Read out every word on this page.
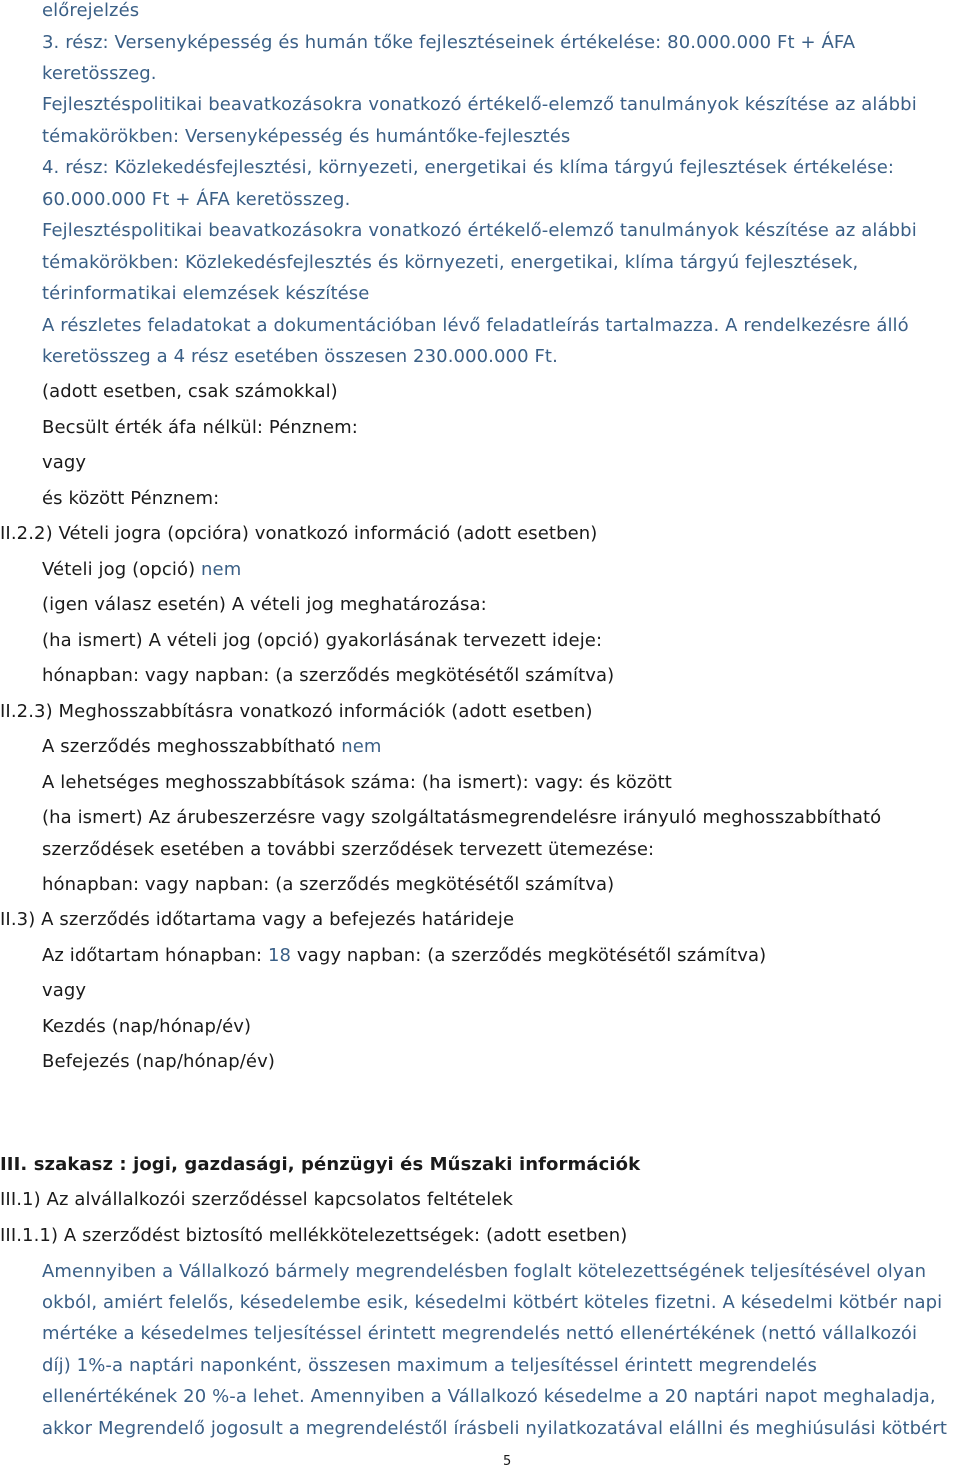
előrejelzés
3. rész: Versenyképesség és humán tőke fejlesztéseinek értékelése: 80.000.000 Ft + ÁFA
keretösszeg.
Fejlesztéspolitikai beavatkozásokra vonatkozó értékelő-elemző tanulmányok készítése az alábbi
témakörökben: Versenyképesség és humántőke-fejlesztés
4. rész: Közlekedésfejlesztési, környezeti, energetikai és klíma tárgyú fejlesztések értékelése:
60.000.000 Ft + ÁFA keretösszeg.
Fejlesztéspolitikai beavatkozásokra vonatkozó értékelő-elemző tanulmányok készítése az alábbi
témakörökben: Közlekedésfejlesztés és környezeti, energetikai, klíma tárgyú fejlesztések,
térinformatikai elemzések készítése
A részletes feladatokat a dokumentációban lévő feladatleírás tartalmazza. A rendelkezésre álló
keretösszeg a 4 rész esetében összesen 230.000.000 Ft.
(adott esetben, csak számokkal)
Becsült érték áfa nélkül: Pénznem:
vagy
és között Pénznem:
II.2.2) Vételi jogra (opcióra) vonatkozó információ (adott esetben)
Vételi jog (opció) nem
(igen válasz esetén) A vételi jog meghatározása:
(ha ismert) A vételi jog (opció) gyakorlásának tervezett ideje:
hónapban: vagy napban: (a szerződés megkötésétől számítva)
II.2.3) Meghosszabbításra vonatkozó információk (adott esetben)
A szerződés meghosszabbítható nem
A lehetséges meghosszabbítások száma: (ha ismert): vagy: és között
(ha ismert) Az árubeszerzésre vagy szolgáltatásmegrendelésre irányuló meghosszabbítható
szerződések esetében a további szerződések tervezett ütemezése:
hónapban: vagy napban: (a szerződés megkötésétől számítva)
II.3) A szerződés időtartama vagy a befejezés határideje
Az időtartam hónapban: 18 vagy napban: (a szerződés megkötésétől számítva)
vagy
Kezdés (nap/hónap/év)
Befejezés (nap/hónap/év)
III. szakasz : jogi, gazdasági, pénzügyi és Műszaki információk
III.1) Az alvállalkozói szerződéssel kapcsolatos feltételek
III.1.1) A szerződést biztosító mellékkötelezettségek: (adott esetben)
Amennyiben a Vállalkozó bármely megrendelésben foglalt kötelezettségének teljesítésével olyan
okból, amiért felelős, késedelembe esik, késedelmi kötbért köteles fizetni. A késedelmi kötbér napi
mértéke a késedelmes teljesítéssel érintett megrendelés nettó ellenértékének (nettó vállalkozói
díj) 1%-a naptári naponként, összesen maximum a teljesítéssel érintett megrendelés
ellenértékének 20 %-a lehet. Amennyiben a Vállalkozó késedelme a 20 naptári napot meghaladja,
akkor Megrendelő jogosult a megrendeléstől írásbeli nyilatkozatával elállni és meghiúsulási kötbért
5
